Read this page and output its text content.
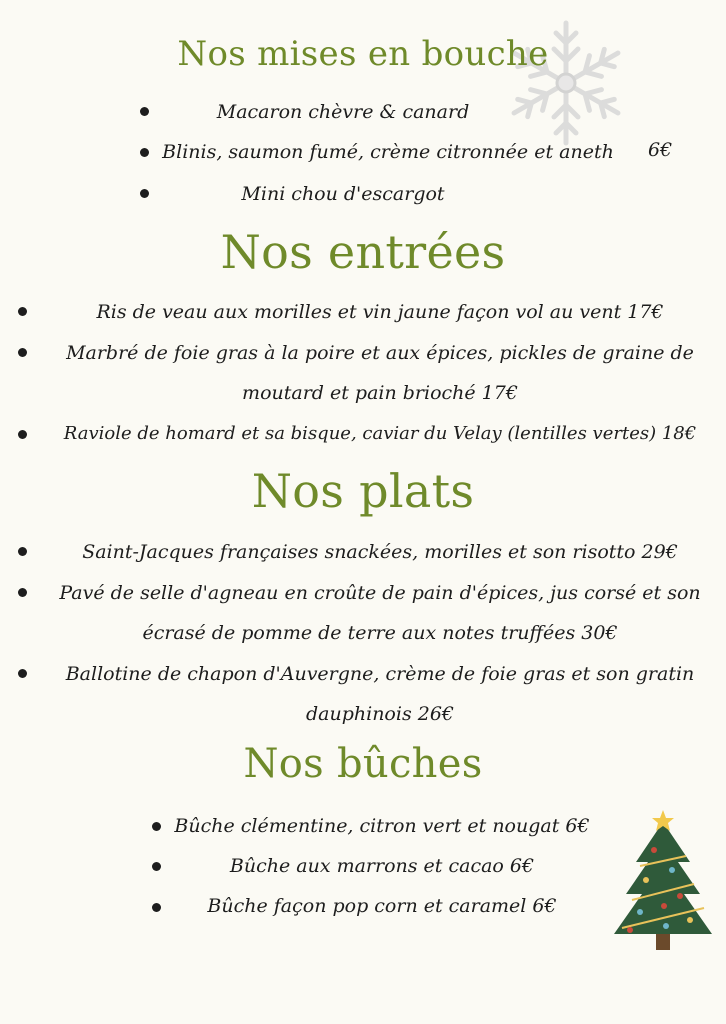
Nos mises en bouche

Macaron chèvre & canard

Blinis, saumon fumé, crème citronnée et aneth 6€

Mini chou d'escargot

Nos entrées

Ris de veau aux morilles et vin jaune façon vol au vent 17€

Marbré de foie gras à la poire et aux épices, pickles de graine de

moutard et pain brioché 17€

Raviole de homard et sa bisque, caviar du Velay (lentilles vertes) 18€

Nos plats

Saint-Jacques françaises snackées, morilles et son risotto 29€

Pavé de selle d'agneau en croûte de pain d'épices, jus corsé et son

écrasé de pomme de terre aux notes truffées 30€

Ballotine de chapon d'Auvergne, crème de foie gras et son gratin

dauphinois 26€

Nos bûches

Bûche clémentine, citron vert et nougat 6€

Bûche aux marrons et cacao 6€

Bûche façon pop corn et caramel 6€
